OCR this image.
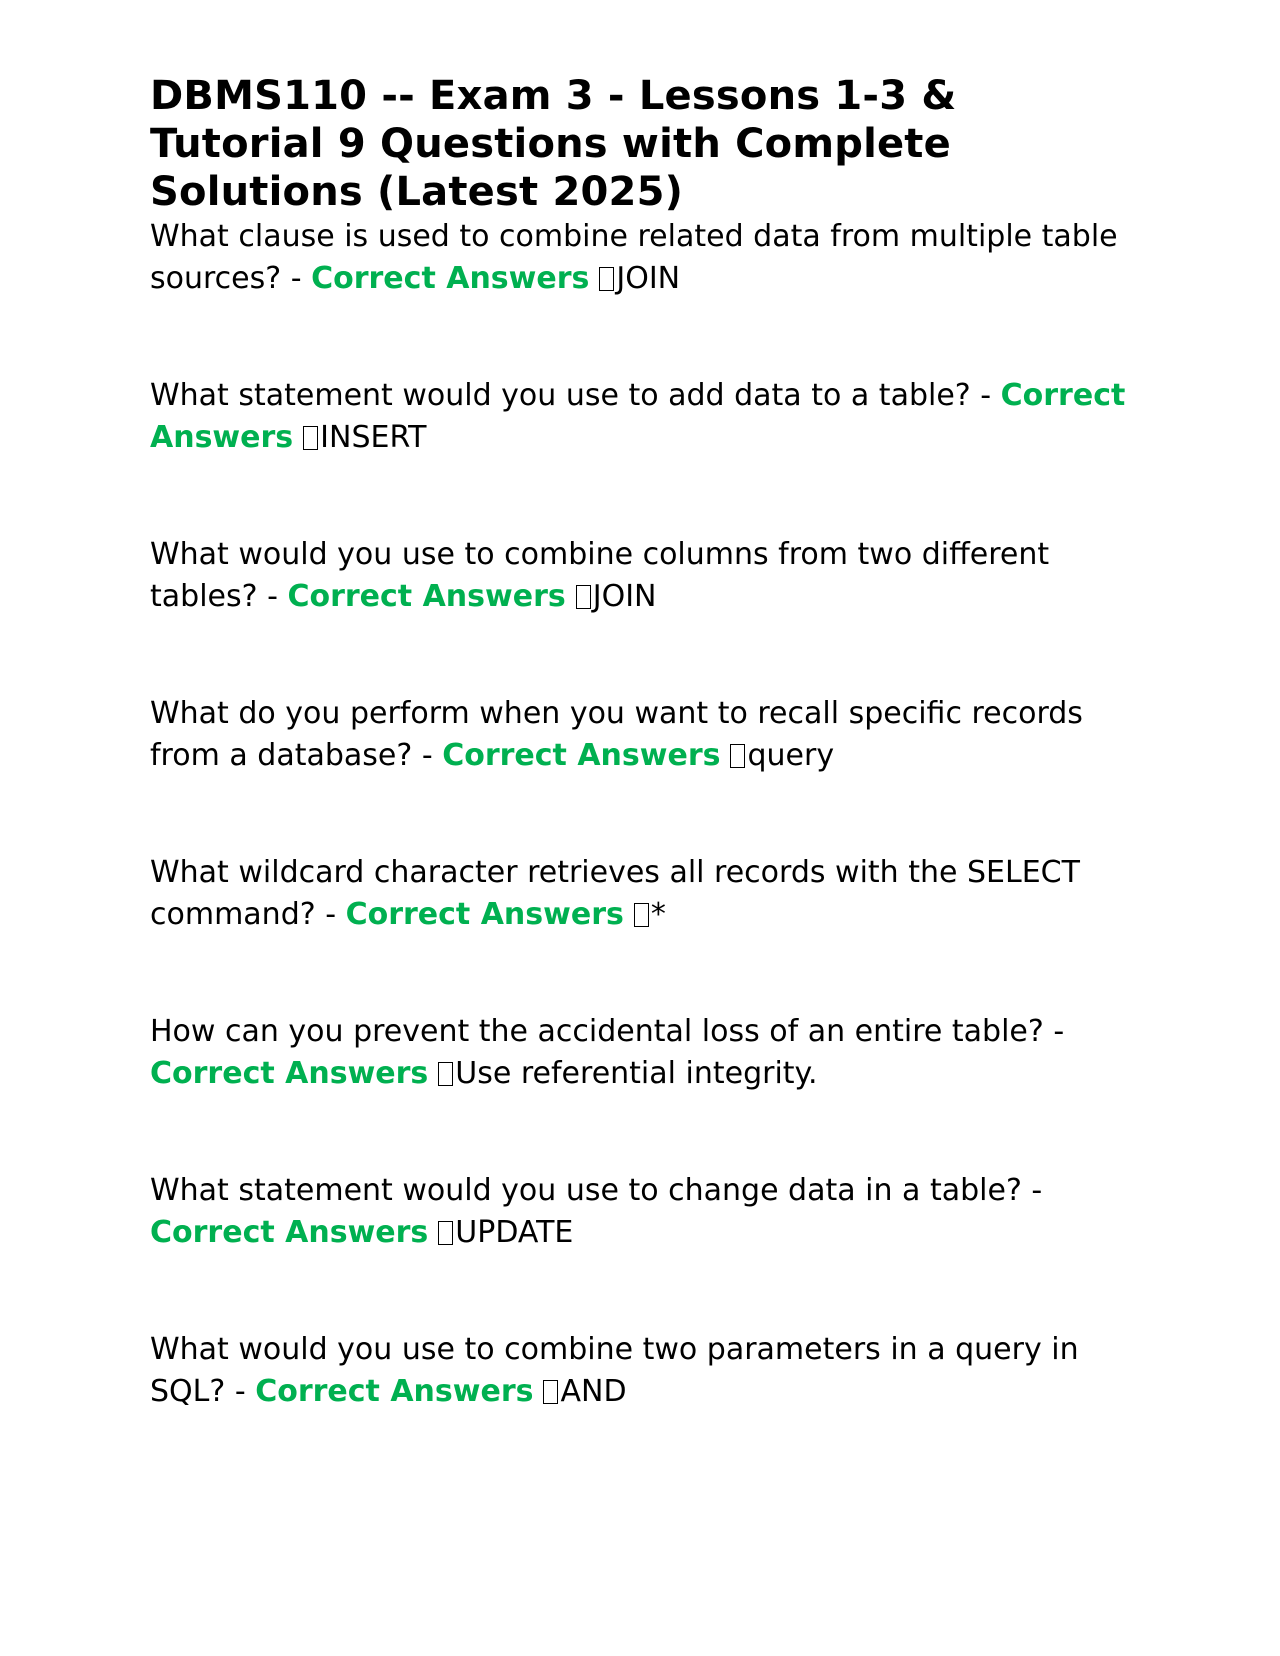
DBMS110 -- Exam 3 - Lessons 1-3 & Tutorial 9 Questions with Complete Solutions (Latest 2025)

What clause is used to combine related data from multiple table sources? - Correct Answers JOIN

What statement would you use to add data to a table? - Correct Answers INSERT

What would you use to combine columns from two different tables? - Correct Answers JOIN

What do you perform when you want to recall specific records from a database? - Correct Answers query

What wildcard character retrieves all records with the SELECT command? - Correct Answers *

How can you prevent the accidental loss of an entire table? - Correct Answers Use referential integrity.

What statement would you use to change data in a table? - Correct Answers UPDATE

What would you use to combine two parameters in a query in SQL? - Correct Answers AND
